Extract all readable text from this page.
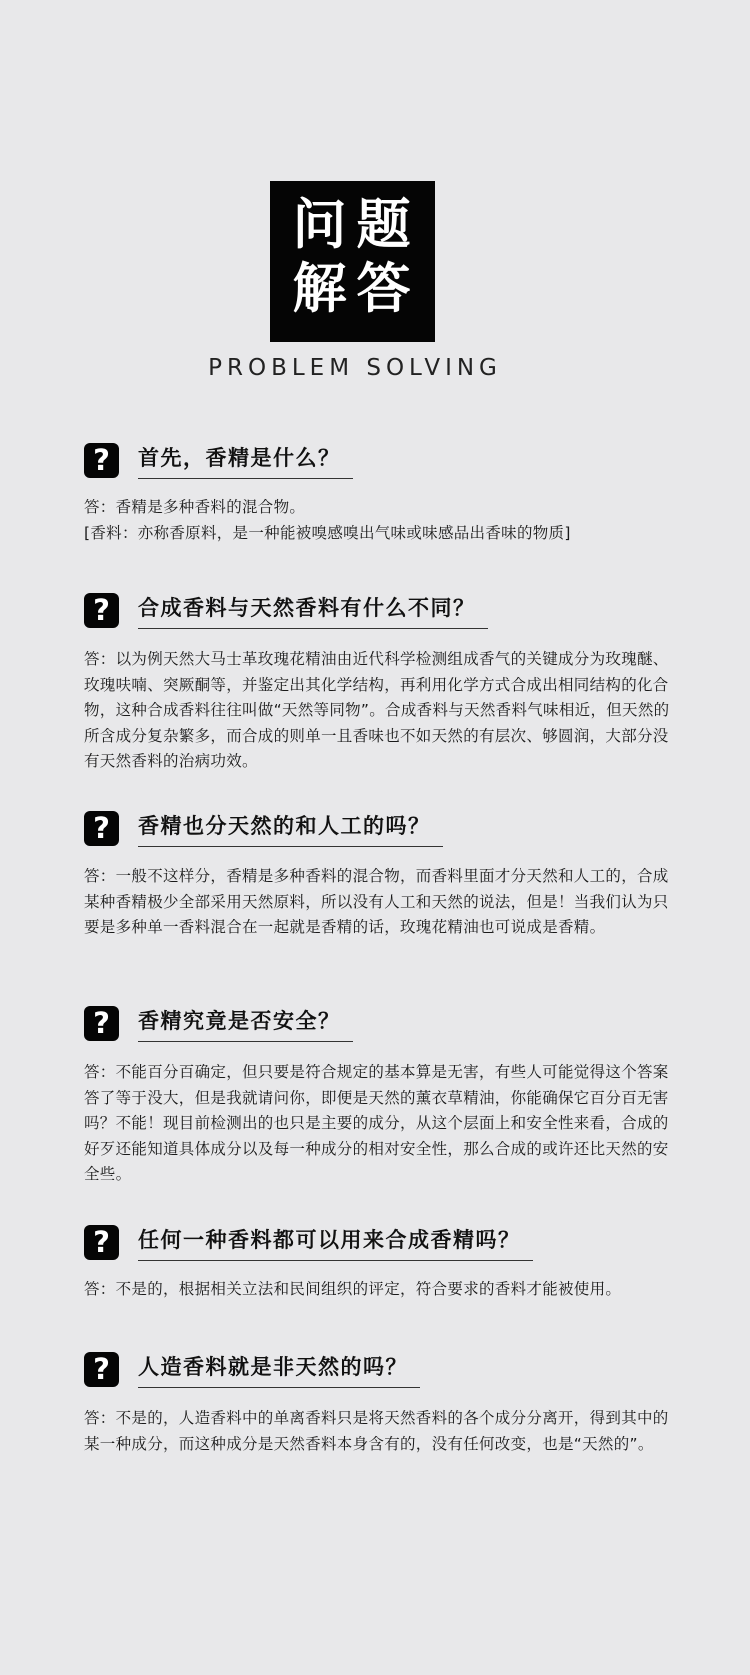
问题
解答
PROBLEM SOLVING
?	首先，香精是什么？

答：香精是多种香料的混合物。

[香料：亦称香原料，是一种能被嗅感嗅出气味或味感品出香味的物质]

?	合成香料与天然香料有什么不同？

答：以为例天然大马士革玫瑰花精油由近代科学检测组成香气的关键成分为玫瑰醚、玫瑰呋喃、突厥酮等，并鉴定出其化学结构，再利用化学方式合成出相同结构的化合物，这种合成香料往往叫做“天然等同物”。合成香料与天然香料气味相近，但天然的所含成分复杂繁多，而合成的则单一且香味也不如天然的有层次、够圆润，大部分没有天然香料的治病功效。

?	香精也分天然的和人工的吗？

答：一般不这样分，香精是多种香料的混合物，而香料里面才分天然和人工的，合成某种香精极少全部采用天然原料，所以没有人工和天然的说法，但是！当我们认为只要是多种单一香料混合在一起就是香精的话，玫瑰花精油也可说成是香精。

?	香精究竟是否安全？

答：不能百分百确定，但只要是符合规定的基本算是无害，有些人可能觉得这个答案答了等于没大，但是我就请问你，即便是天然的薰衣草精油，你能确保它百分百无害吗？不能！现目前检测出的也只是主要的成分，从这个层面上和安全性来看，合成的好歹还能知道具体成分以及每一种成分的相对安全性，那么合成的或许还比天然的安全些。

?	任何一种香料都可以用来合成香精吗？

答：不是的，根据相关立法和民间组织的评定，符合要求的香料才能被使用。

?	人造香料就是非天然的吗？

答：不是的，人造香料中的单离香料只是将天然香料的各个成分分离开，得到其中的某一种成分，而这种成分是天然香料本身含有的，没有任何改变，也是“天然的”。
